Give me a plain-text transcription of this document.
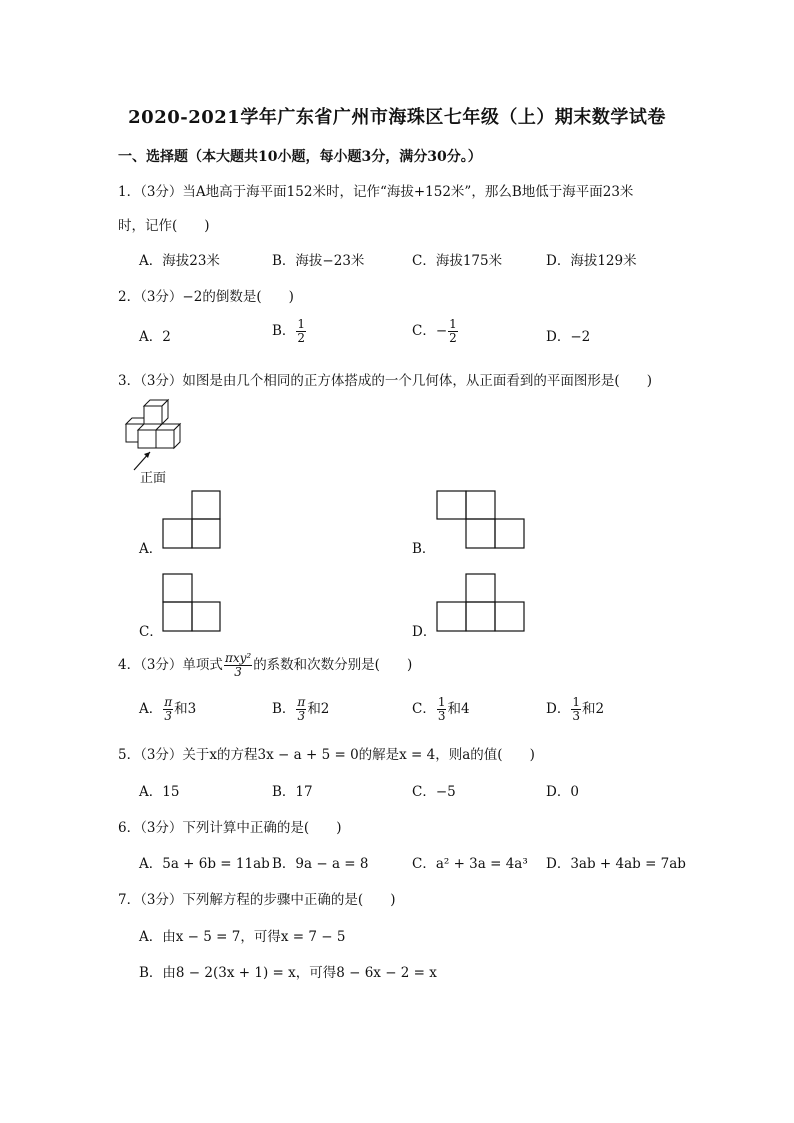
2020-2021学年广东省广州市海珠区七年级（上）期末数学试卷
一、选择题（本大题共10小题，每小题3分，满分30分。）
1．（3分）当A地高于海平面152米时，记作“海拔+152米”，那么B地低于海平面23米
时，记作(　　)
A．海拔23米	B．海拔−23米	C．海拔175米	D．海拔129米
2．（3分）−2的倒数是(　　)
A．2	B． $\frac{1}{2}$	C．− $\frac{1}{2}$	D．−2
3．（3分）如图是由几个相同的正方体搭成的一个几何体，从正面看到的平面图形是(　　)
正面
A．	B．
C．	D．
4．（3分）单项式 $\frac{\text{πxy²}}{3}$ 的系数和次数分别是(　　)
A． $\frac{\pi}{3}$ 和3	B． $\frac{\pi}{3}$ 和2	C． $\frac{1}{3}$ 和4	D． $\frac{1}{3}$ 和2
5．（3分）关于x的方程3x − a + 5 = 0的解是x = 4，则a的值(　　)
A．15	B．17	C．−5	D．0
6．（3分）下列计算中正确的是(　　)
A．5a + 6b = 11ab B．9a − a = 8	C．a² + 3a = 4a³ D．3ab + 4ab = 7ab
7．（3分）下列解方程的步骤中正确的是(　　)
A．由x − 5 = 7，可得x = 7 − 5
B．由8 − 2(3x + 1) = x，可得8 − 6x − 2 = x
